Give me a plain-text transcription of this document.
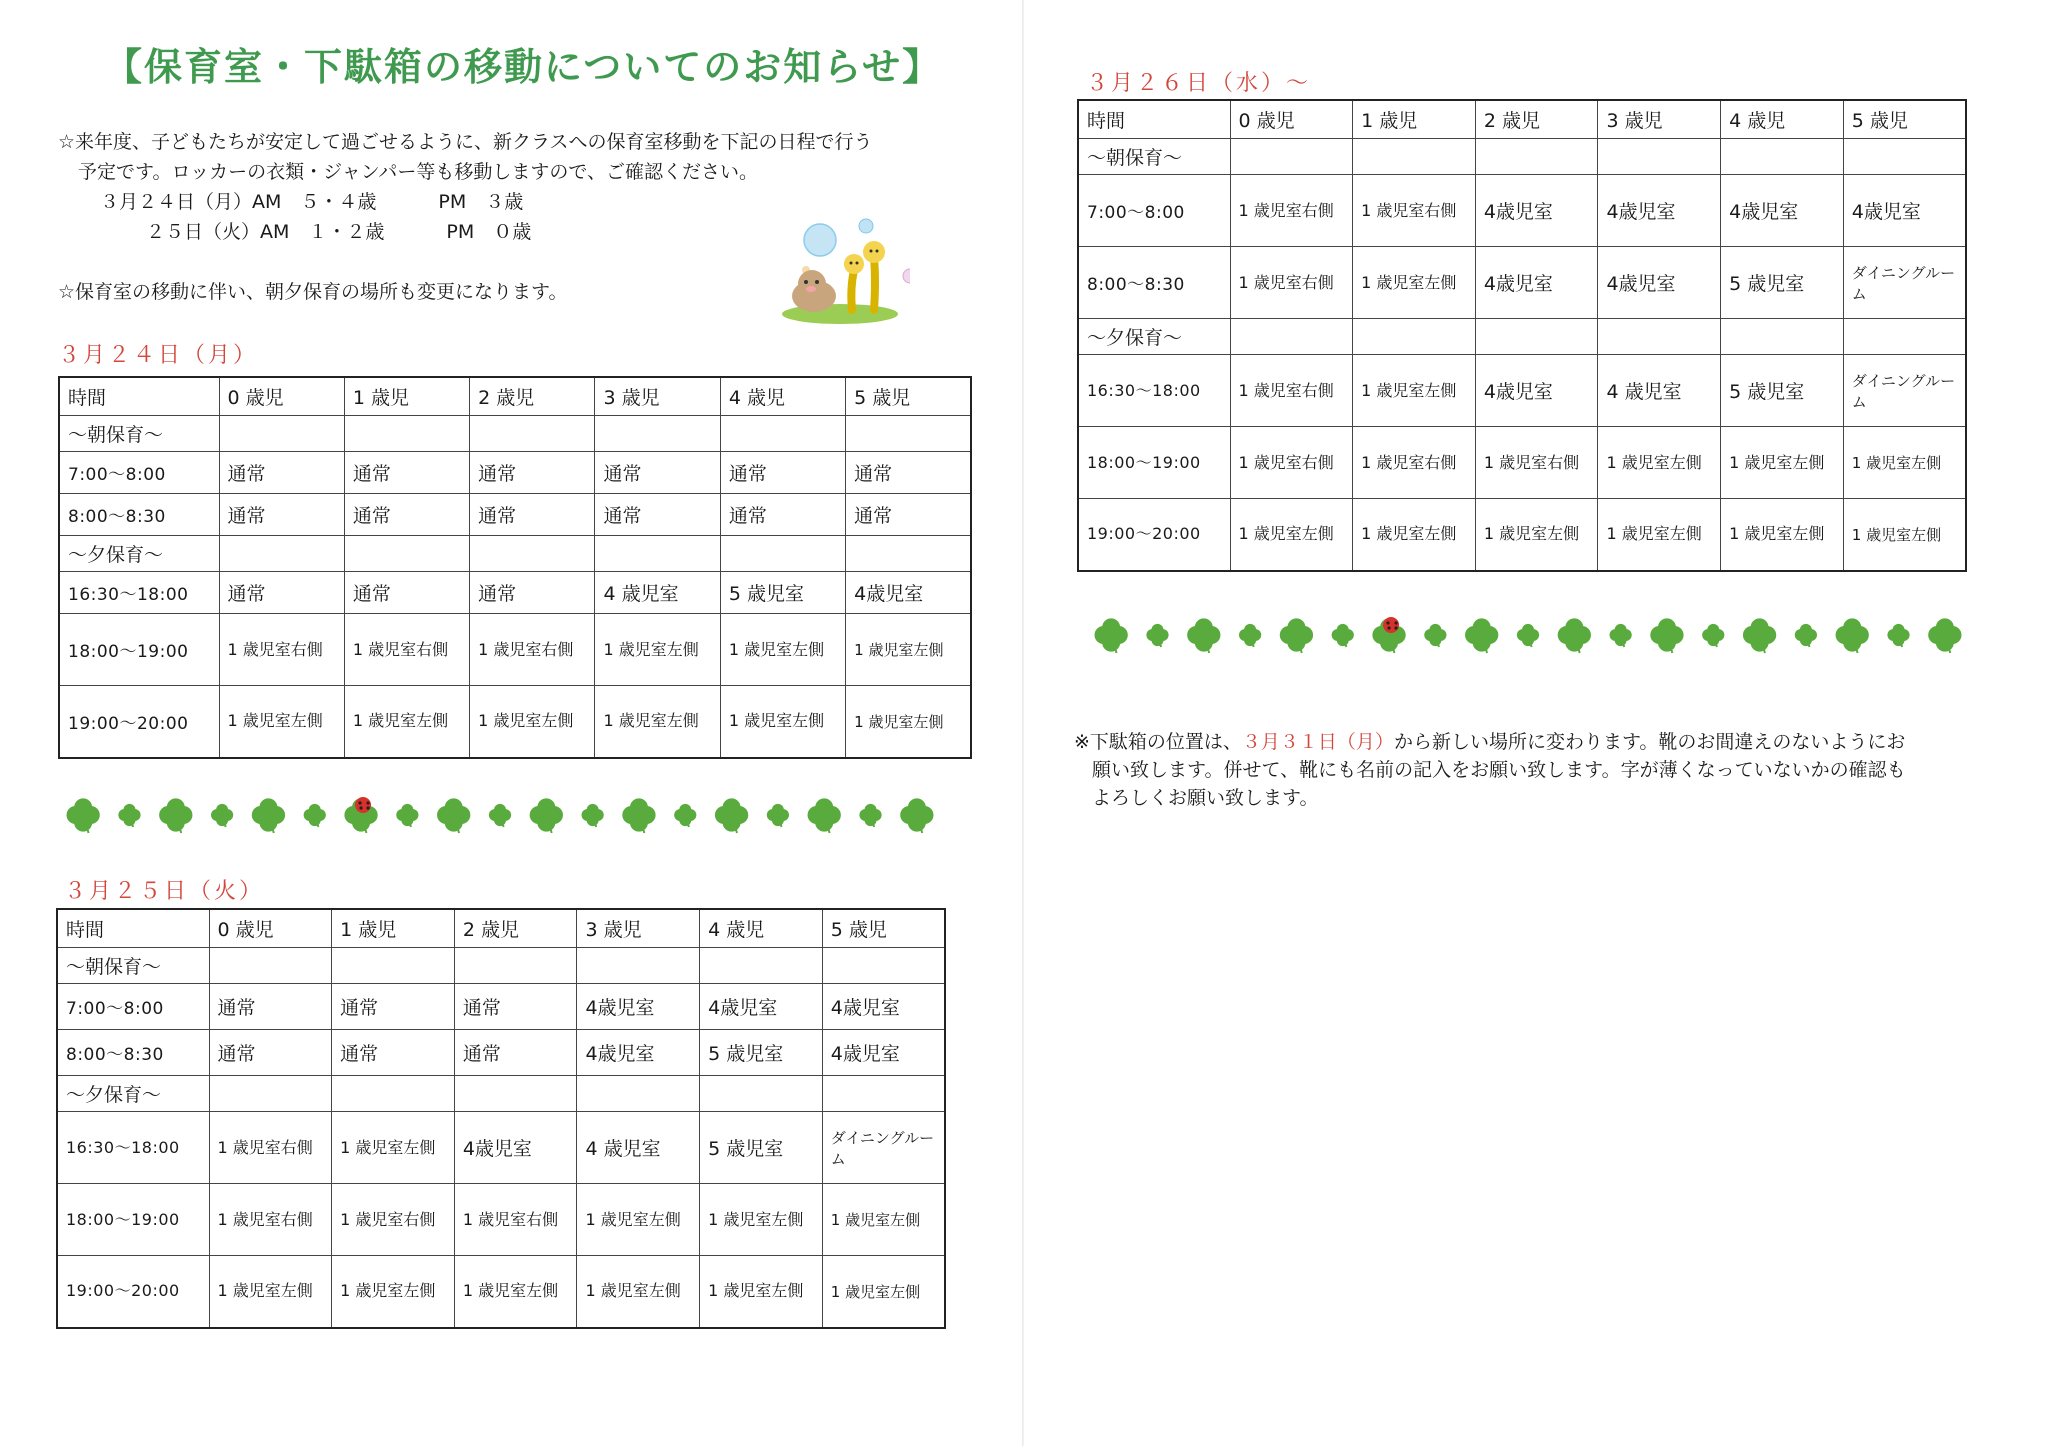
【保育室・下駄箱の移動についてのお知らせ】

☆来年度、子どもたちが安定して過ごせるように、新クラスへの保育室移動を下記の日程で行う

予定です。ロッカーの衣類・ジャンパー等も移動しますので、ご確認ください。

３月２４日（月）AM　５・４歳	PM　３歳

２５日（火）AM　１・２歳	PM　０歳

☆保育室の移動に伴い、朝夕保育の場所も変更になります。

３月２４日（月）
時間	0 歳児	1 歳児	2 歳児	3 歳児	4 歳児	5 歳児
～朝保育～						
7:00～8:00	通常	通常	通常	通常	通常	通常
8:00～8:30	通常	通常	通常	通常	通常	通常
～夕保育～						
16:30～18:00	通常	通常	通常	4 歳児室	5 歳児室	4歳児室
18:00～19:00	1 歳児室右側	1 歳児室右側	1 歳児室右側	1 歳児室左側	1 歳児室左側	1 歳児室左側
19:00～20:00	1 歳児室左側	1 歳児室左側	1 歳児室左側	1 歳児室左側	1 歳児室左側	1 歳児室左側
３月２５日（火）
時間	0 歳児	1 歳児	2 歳児	3 歳児	4 歳児	5 歳児
～朝保育～						
7:00～8:00	通常	通常	通常	4歳児室	4歳児室	4歳児室
8:00～8:30	通常	通常	通常	4歳児室	5 歳児室	4歳児室
～夕保育～						
16:30～18:00	1 歳児室右側	1 歳児室左側	4歳児室	4 歳児室	5 歳児室	ダイニングルーム
18:00～19:00	1 歳児室右側	1 歳児室右側	1 歳児室右側	1 歳児室左側	1 歳児室左側	1 歳児室左側
19:00～20:00	1 歳児室左側	1 歳児室左側	1 歳児室左側	1 歳児室左側	1 歳児室左側	1 歳児室左側
３月２６日（水）～
時間	0 歳児	1 歳児	2 歳児	3 歳児	4 歳児	5 歳児
～朝保育～						
7:00～8:00	1 歳児室右側	1 歳児室右側	4歳児室	4歳児室	4歳児室	4歳児室
8:00～8:30	1 歳児室右側	1 歳児室左側	4歳児室	4歳児室	5 歳児室	ダイニングルーム
～夕保育～						
16:30～18:00	1 歳児室右側	1 歳児室左側	4歳児室	4 歳児室	5 歳児室	ダイニングルーム
18:00～19:00	1 歳児室右側	1 歳児室右側	1 歳児室右側	1 歳児室左側	1 歳児室左側	1 歳児室左側
19:00～20:00	1 歳児室左側	1 歳児室左側	1 歳児室左側	1 歳児室左側	1 歳児室左側	1 歳児室左側

※下駄箱の位置は、３月３１日（月）から新しい場所に変わります。靴のお間違えのないようにお

願い致します。併せて、靴にも名前の記入をお願い致します。字が薄くなっていないかの確認も

よろしくお願い致します。
